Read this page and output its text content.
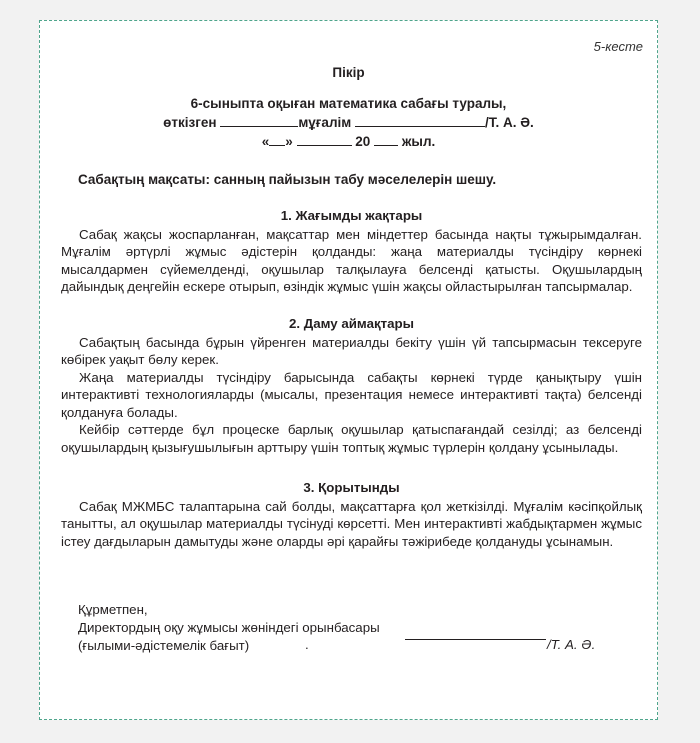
5-кесте
Пікір
6-сыныпта оқыған математика сабағы туралы,
өткізген	мұғалім	/Т. А. Ә.
« »	20 жыл.
Сабақтың мақсаты: санның пайызын табу мәселелерін шешу.
1. Жағымды жақтары

Сабақ жақсы жоспарланған, мақсаттар мен міндеттер басында нақты тұжырымдалған. Мұғалім әртүрлі жұмыс әдістерін қолданды: жаңа материалды түсіндіру көрнекі мысалдармен сүйемелденді, оқушылар талқылауға белсенді қатысты. Оқушылардың дайындық деңгейін ескере отырып, өзіндік жұмыс үшін жақсы ойластырылған тапсырмалар.

2. Даму аймақтары

Сабақтың басында бұрын үйренген материалды бекіту үшін үй тапсырмасын тексеруге көбірек уақыт бөлу керек.

Жаңа материалды түсіндіру барысында сабақты көрнекі түрде қанықтыру үшін интерактивті технологияларды (мысалы, презентация немесе интерактивті тақта) белсенді қолдануға болады.

Кейбір сәттерде бұл процеске барлық оқушылар қатыспағандай сезілді; аз белсенді оқушылардың қызығушылығын арттыру үшін топтық жұмыс түрлерін қолдану ұсынылады.

3. Қорытынды

Сабақ МЖМБС талаптарына сай болды, мақсаттарға қол жеткізілді. Мұғалім кәсіпқойлық танытты, ал оқушылар материалды түсінуді көрсетті. Мен интерактивті жабдықтармен жұмыс істеу дағдыларын дамытуды және оларды әрі қарайғы тәжірибеде қолдануды ұсынамын.

Құрметпен,
Директордың оқу жұмысы жөніндегі орынбасары
(ғылыми-әдістемелік бағыт)	.	/Т. А. Ә.
